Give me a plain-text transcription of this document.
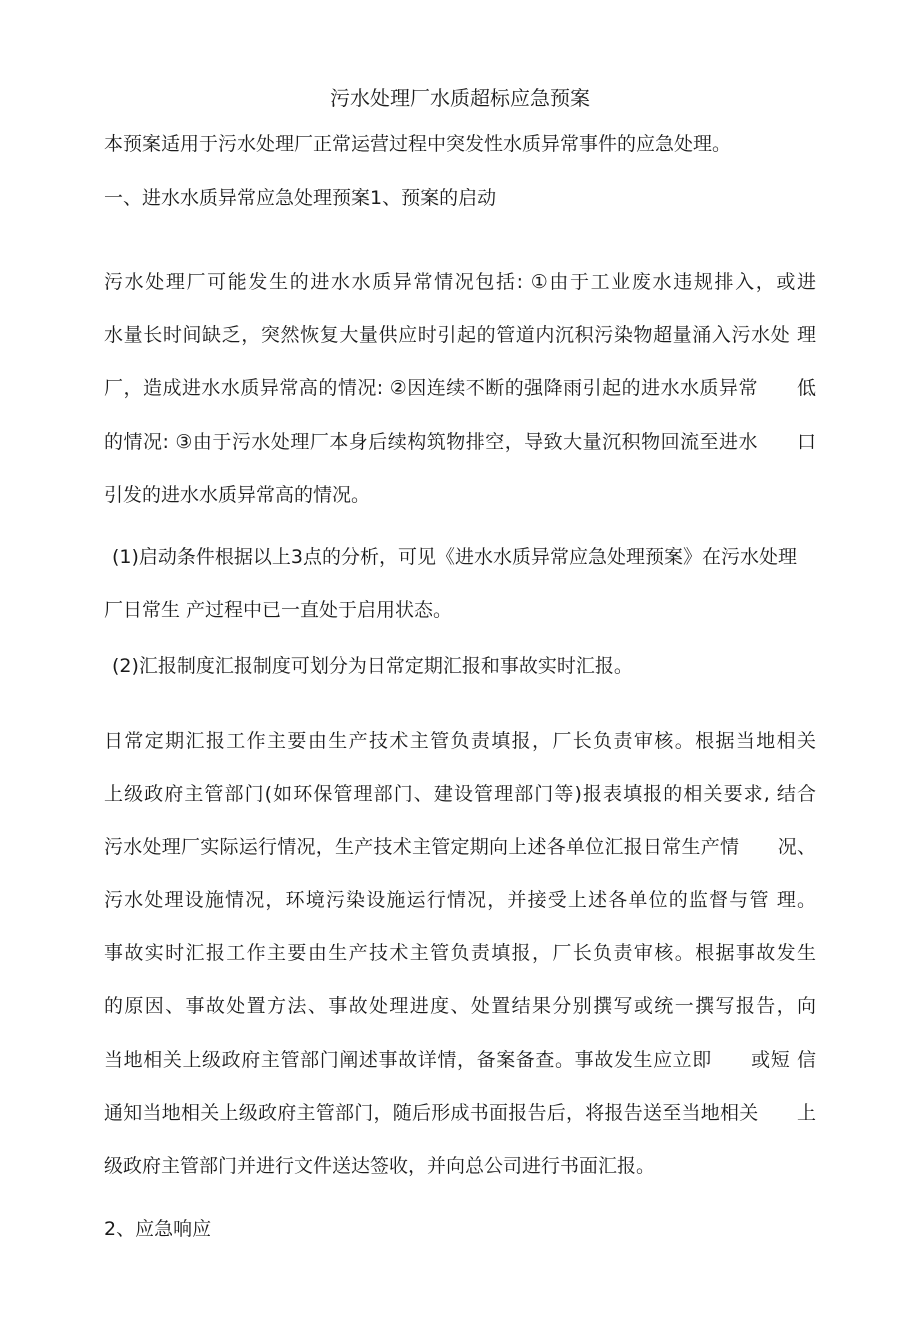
污水处理厂水质超标应急预案
本预案适用于污水处理厂正常运营过程中突发性水质异常事件的应急处理。
一、进水水质异常应急处理预案1、预案的启动
污水处理厂可能发生的进水水质异常情况包括: ①由于工业废水违规排入，或进
水量长时间缺乏，突然恢复大量供应时引起的管道内沉积污染物超量涌入污水处 理
厂，造成进水水质异常高的情况: ②因连续不断的强降雨引起的进水水质异常　　低
的情况: ③由于污水处理厂本身后续构筑物排空，导致大量沉积物回流至进水　　口
引发的进水水质异常高的情况。
(1)启动条件根据以上3点的分析，可见《进水水质异常应急处理预案》在污水处理
厂日常生 产过程中已一直处于启用状态。
(2)汇报制度汇报制度可划分为日常定期汇报和事故实时汇报。
日常定期汇报工作主要由生产技术主管负责填报，厂长负责审核。根据当地相关
上级政府主管部门(如环保管理部门、建设管理部门等)报表填报的相关要求, 结合
污水处理厂实际运行情况，生产技术主管定期向上述各单位汇报日常生产情　　况、
污水处理设施情况，环境污染设施运行情况，并接受上述各单位的监督与管 理。
事故实时汇报工作主要由生产技术主管负责填报，厂长负责审核。根据事故发生
的原因、事故处置方法、事故处理进度、处置结果分别撰写或统一撰写报告，向
当地相关上级政府主管部门阐述事故详情，备案备查。事故发生应立即　　或短 信
通知当地相关上级政府主管部门，随后形成书面报告后，将报告送至当地相关　　上
级政府主管部门并进行文件送达签收，并向总公司进行书面汇报。
2、应急响应
